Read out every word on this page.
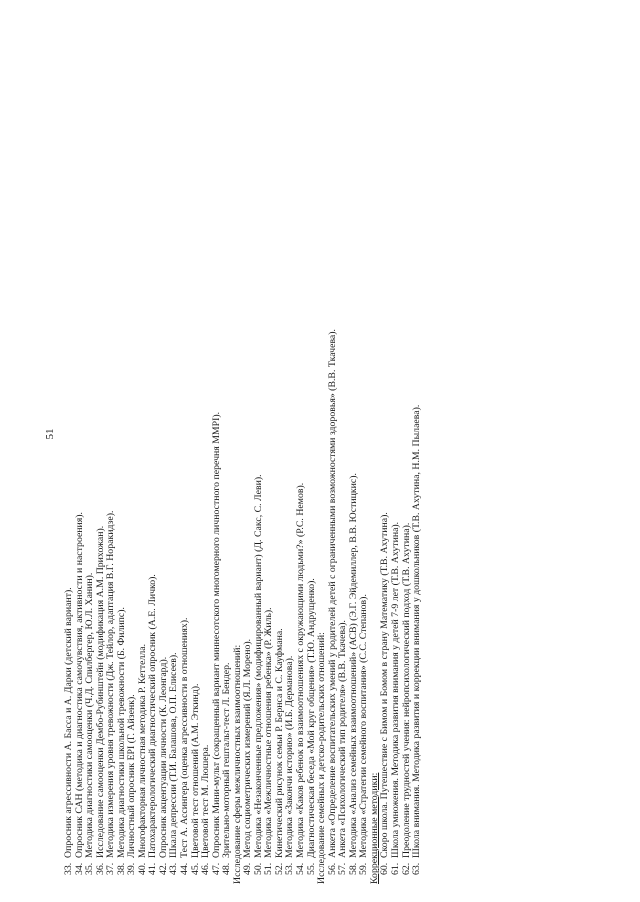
51
33.Опросник агрессивности А. Басса и А. Дарки (детский вариант).
34.Опросник САН (методика и диагностика самочувствия, активности и настроения).
35.Методика диагностики самооценки (Ч.Д. Спилбергер, Ю.Л. Ханин).
36.Исследование самооценки Дембо-Рубинштейн (модификация А.М. Прихожан).
37.Методика измерения уровня тревожности (Дж. Тейлор, адаптация В.Г. Норакидзе).
38.Методика диагностики школьной тревожности (Б. Филипс).
39.Личностный опросник EPI (Г. Айзенк).
40.Многофакторная личностная методика Р. Кеттелла.
41.Патохарактерологический диагностический опросник (А.Е. Личко).
42.Опросник акцентуации личности (К. Леонгард).
43.Шкала депрессии (Т.И. Балашова, О.П. Елисеев).
44.Тест А. Ассингера (оценка агрессивности в отношениях).
45.Цветовой тест отношений (А.М. Эткинд).
46.Цветовой тест М. Люшера.
47.Опросник Мини-мульт (сокращенный вариант миннесотского многомерного личностного перечня MMPI).
48.Зрительно-моторный гештальт-тест Л. Бендер. Исследование сферы межличностных взаимоотношений: 49.Метод социометрических измерений (Я.Л. Морено).
50.Методика «Незаконченные предложения» (модифицированный вариант) (Д. Сакс, С. Леви).
51.Методика «Межличностные отношения ребенка» (Р. Жиль).
52.Кинетический рисунок семьи Р. Бернса и С. Кауфмана.
53.Методика «Закончи историю» (И.Б. Дерманова).
54.Методика «Каков ребенок во взаимоотношениях с окружающими людьми?» (Р.С. Немов).
55.Диагностическая беседа «Мой круг общения» (Т.Ю. Андрущенко). Исследование семейных и детско-родительских отношений: 56.Анкета «Определение воспитательских умений у родителей детей с ограниченными возможностями здоровья» (В.В. Ткачева).
57.Анкета «Психологический тип родителя» (В.В. Ткачева).
58.Методика «Анализ семейных взаимоотношений» (АСВ) (Э.Г. Эйдемиллер, В.В. Юстицкис).
59.Методика «Стратегии семейного воспитания» (С.С. Степанов). Коррекционные методики: 60.Скоро школа. Путешествие с Бимом и Бомом в страну Математику (Т.В. Ахутина).
61.Школа умножения. Методика развития внимания у детей 7-9 лет (Т.В. Ахутина).
62.Преодоление трудностей учения: нейропсихологический подход (Т.В. Ахутина).
63.Школа внимания. Методика развития и коррекции внимания у дошкольников (Т.В. Ахутина, Н.М. Пылаева).
